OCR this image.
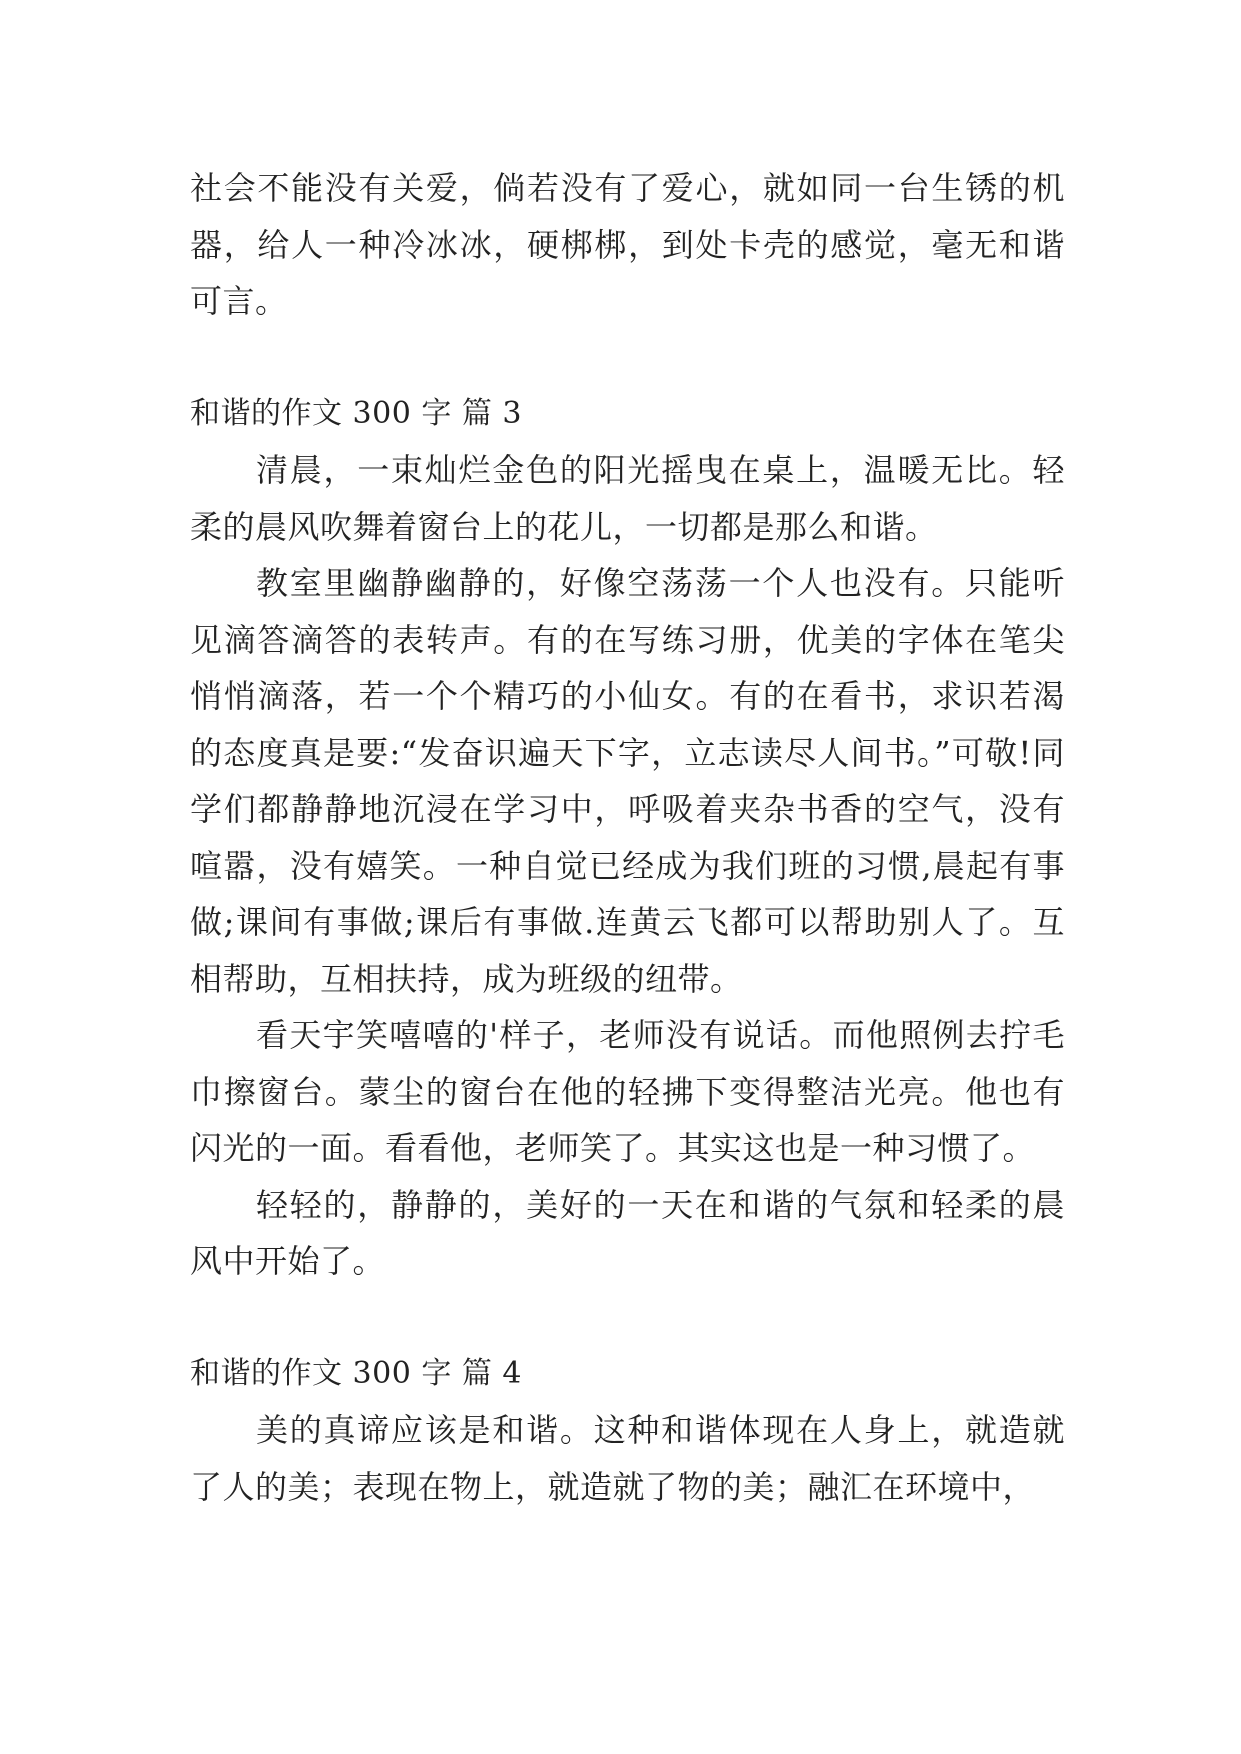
社会不能没有关爱，倘若没有了爱心，就如同一台生锈的机器，给人一种冷冰冰，硬梆梆，到处卡壳的感觉，毫无和谐可言。

和谐的作文 300 字 篇 3

清晨，一束灿烂金色的阳光摇曳在桌上，温暖无比。轻柔的晨风吹舞着窗台上的花儿，一切都是那么和谐。

教室里幽静幽静的，好像空荡荡一个人也没有。只能听见滴答滴答的表转声。有的在写练习册，优美的字体在笔尖悄悄滴落，若一个个精巧的小仙女。有的在看书，求识若渴的态度真是要:“发奋识遍天下字，立志读尽人间书。”可敬!同学们都静静地沉浸在学习中，呼吸着夹杂书香的空气，没有喧嚣，没有嬉笑。一种自觉已经成为我们班的习惯,晨起有事做;课间有事做;课后有事做.连黄云飞都可以帮助别人了。互相帮助，互相扶持，成为班级的纽带。

看天宇笑嘻嘻的'样子，老师没有说话。而他照例去拧毛巾擦窗台。蒙尘的窗台在他的轻拂下变得整洁光亮。他也有闪光的一面。看看他，老师笑了。其实这也是一种习惯了。

轻轻的，静静的，美好的一天在和谐的气氛和轻柔的晨风中开始了。

和谐的作文 300 字 篇 4

美的真谛应该是和谐。这种和谐体现在人身上，就造就了人的美；表现在物上，就造就了物的美；融汇在环境中，
